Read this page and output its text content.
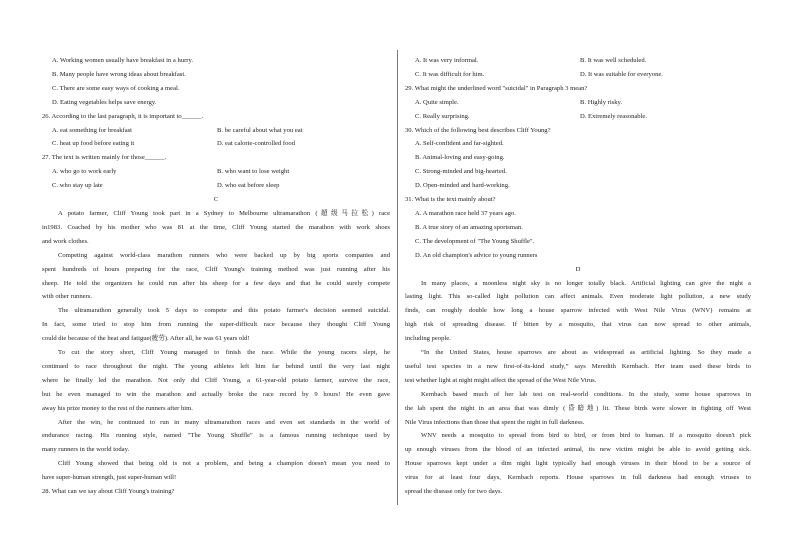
A. Working women usually have breakfast in a hurry.
B. Many people have wrong ideas about breakfast.
C. There are some easy ways of cooking a meal.
D. Eating vegetables helps save energy.
26. According to the last paragraph, it is important to______.
A. eat something for breakfast	B. be careful about what you eat
C. heat up food before eating it	D. eat calorie-controlled food
27. The text is written mainly for those______.
A. who go to work early	B. who want to lose weight
C. who stay up late	D. who eat before sleep
C
A potato farmer, Cliff Young took part in a Sydney to Melbourne ultramarathon (超级马拉松) race
in1983. Coached by his mother who was 81 at the time, Cliff Young started the marathon with work shoes
and work clothes.
Competing against world-class marathon runners who were backed up by big sports companies and
spent hundreds of hours preparing for the race, Cliff Young's training method was just running after his
sheep. He told the organizers he could run after his sheep for a few days and that he could surely compete
with other runners.
The ultramarathon generally took 5 days to compete and this potato farmer's decision seemed suicidal.
In fact, some tried to stop him from running the super-difficult race because they thought Cliff Young
could die because of the heat and fatigue(疲劳). After all, he was 61 years old!
To cut the story short, Cliff Young managed to finish the race. While the young racers slept, he
continued to race throughout the night. The young athletes left him far behind until the very last night
where he finally led the marathon. Not only did Cliff Young, a 61-year-old potato farmer, survive the race,
but he even managed to win the marathon and actually broke the race record by 9 hours! He even gave
away his prize money to the rest of the runners after him.
After the win, he continued to run in many ultramarathon races and even set standards in the world of
endurance racing. His running style, named "The Young Shuffle" is a famous running technique used by
many runners in the world today.
Cliff Young showed that being old is not a problem, and being a champion doesn't mean you need to
have super-human strength, just super-human will!
28. What can we say about Cliff Young's training?
A. It was very informal.	B. It was well scheduled.
C. It was difficult for him.	D. It was suitable for everyone.
29. What might the underlined word "suicidal" in Paragraph 3 mean?
A. Quite simple.	B. Highly risky.
C. Really surprising.	D. Extremely reasonable.
30. Which of the following best describes Cliff Young?
A. Self-confident and far-sighted.
B. Animal-loving and easy-going.
C. Strong-minded and big-hearted.
D. Open-minded and hard-working.
31. What is the text mainly about?
A. A marathon race held 37 years ago.
B. A true story of an amazing sportsman.
C. The development of "The Young Shuffle".
D. An old champion's advice to young runners
D
In many places, a moonless night sky is no longer totally black. Artificial lighting can give the night a
lasting light. This so-called light pollution can affect animals. Even moderate light pollution, a new study
finds, can roughly double how long a house sparrow infected with West Nile Virus (WNV) remains at
high risk of spreading disease. If bitten by a mosquito, that virus can now spread to other animals,
including people.
“In the United States, house sparrows are about as widespread as artificial lighting. So they made a
useful test species in a new first-of-its-kind study,” says Meredith Kernbach. Her team used these birds to
test whether light at night might affect the spread of the West Nile Virus.
Kernbach based much of her lab test on real-world conditions. In the study, some house sparrows in
the lab spent the night in an area that was dimly (昏暗地) lit. These birds were slower in fighting off West
Nile Virus infections than those that spent the night in full darkness.
WNV needs a mosquito to spread from bird to bird, or from bird to human. If a mosquito doesn't pick
up enough viruses from the blood of an infected animal, its new victim might be able to avoid getting sick.
House sparrows kept under a dim night light typically had enough viruses in their blood to be a source of
virus for at least four days, Kernbach reports. House sparrows in full darkness had enough viruses to
spread the disease only for two days.
